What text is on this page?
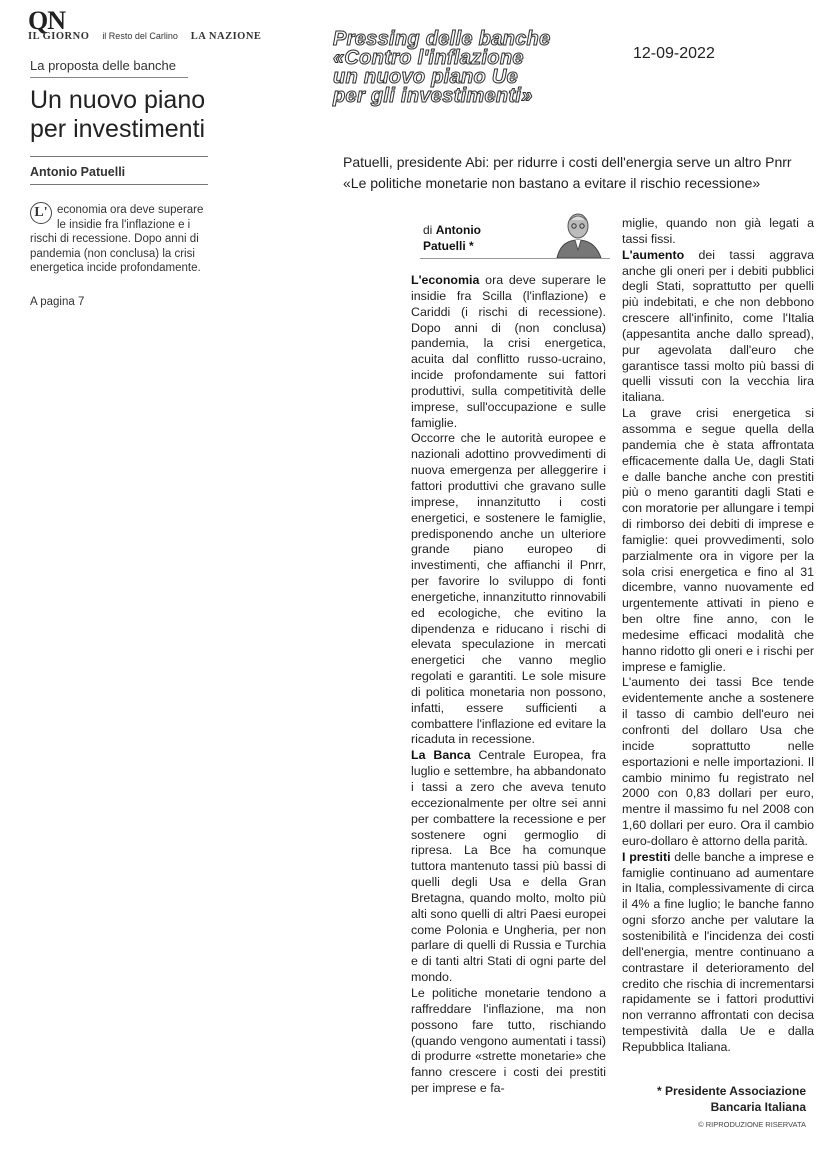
QN
IL GIORNO il Resto del Carlino LA NAZIONE
12-09-2022
La proposta delle banche
Un nuovo piano
per investimenti
Antonio Patuelli
L' economia ora deve superare le insidie fra l'inflazione e i rischi di recessione. Dopo anni di pandemia (non conclusa) la crisi energetica incide profondamente.
A pagina 7
Pressing delle banche
«Contro l'inflazione
un nuovo piano Ue
per gli investimenti»
Patuelli, presidente Abi: per ridurre i costi dell'energia serve un altro Pnrr
«Le politiche monetarie non bastano a evitare il rischio recessione»
di Antonio
Patuelli *

L'economia ora deve superare le insidie fra Scilla (l'inflazione) e Cariddi (i rischi di recessione). Dopo anni di (non conclusa) pandemia, la crisi energetica, acuita dal conflitto russo-ucraino, incide profondamente sui fattori produttivi, sulla competitività delle imprese, sull'occupazione e sulle famiglie.

Occorre che le autorità europee e nazionali adottino provvedimenti di nuova emergenza per alleggerire i fattori produttivi che gravano sulle imprese, innanzitutto i costi energetici, e sostenere le famiglie, predisponendo anche un ulteriore grande piano europeo di investimenti, che affianchi il Pnrr, per favorire lo sviluppo di fonti energetiche, innanzitutto rinnovabili ed ecologiche, che evitino la dipendenza e riducano i rischi di elevata speculazione in mercati energetici che vanno meglio regolati e garantiti. Le sole misure di politica monetaria non possono, infatti, essere sufficienti a combattere l'inflazione ed evitare la ricaduta in recessione.

La Banca Centrale Europea, fra luglio e settembre, ha abbandonato i tassi a zero che aveva tenuto eccezionalmente per oltre sei anni per combattere la recessione e per sostenere ogni germoglio di ripresa. La Bce ha comunque tuttora mantenuto tassi più bassi di quelli degli Usa e della Gran Bretagna, quando molto, molto più alti sono quelli di altri Paesi europei come Polonia e Ungheria, per non parlare di quelli di Russia e Turchia e di tanti altri Stati di ogni parte del mondo.

Le politiche monetarie tendono a raffreddare l'inflazione, ma non possono fare tutto, rischiando (quando vengono aumentati i tassi) di produrre «strette monetarie» che fanno crescere i costi dei prestiti per imprese e fa-

miglie, quando non già legati a tassi fissi.

L'aumento dei tassi aggrava anche gli oneri per i debiti pubblici degli Stati, soprattutto per quelli più indebitati, e che non debbono crescere all'infinito, come l'Italia (appesantita anche dallo spread), pur agevolata dall'euro che garantisce tassi molto più bassi di quelli vissuti con la vecchia lira italiana.

La grave crisi energetica si assomma e segue quella della pandemia che è stata affrontata efficacemente dalla Ue, dagli Stati e dalle banche anche con prestiti più o meno garantiti dagli Stati e con moratorie per allungare i tempi di rimborso dei debiti di imprese e famiglie: quei provvedimenti, solo parzialmente ora in vigore per la sola crisi energetica e fino al 31 dicembre, vanno nuovamente ed urgentemente attivati in pieno e ben oltre fine anno, con le medesime efficaci modalità che hanno ridotto gli oneri e i rischi per imprese e famiglie.

L'aumento dei tassi Bce tende evidentemente anche a sostenere il tasso di cambio dell'euro nei confronti del dollaro Usa che incide soprattutto nelle esportazioni e nelle importazioni. Il cambio minimo fu registrato nel 2000 con 0,83 dollari per euro, mentre il massimo fu nel 2008 con 1,60 dollari per euro. Ora il cambio euro-dollaro è attorno della parità.

I prestiti delle banche a imprese e famiglie continuano ad aumentare in Italia, complessivamente di circa il 4% a fine luglio; le banche fanno ogni sforzo anche per valutare la sostenibilità e l'incidenza dei costi dell'energia, mentre continuano a contrastare il deterioramento del credito che rischia di incrementarsi rapidamente se i fattori produttivi non verranno affrontati con decisa tempestività dalla Ue e dalla Repubblica Italiana.

* Presidente Associazione
Bancaria Italiana
© RIPRODUZIONE RISERVATA
